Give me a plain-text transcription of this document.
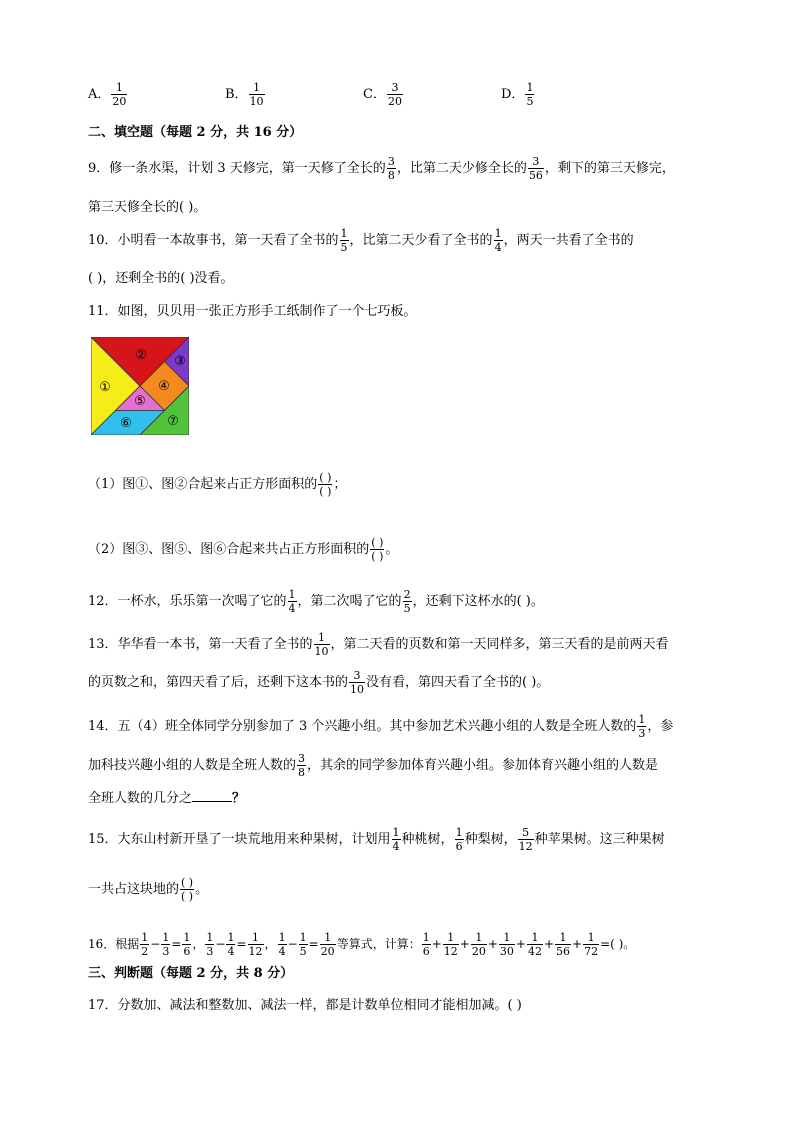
A． $\frac{1}{20}$	B． $\frac{1}{10}$	C． $\frac{3}{20}$	D． $\frac{1}{5}$
二、填空题（每题 2 分，共 16 分）
9．修一条水渠，计划 3 天修完，第一天修了全长的 $\frac{3}{8}$ ，比第二天少修全长的 $\frac{3}{56}$ ，剩下的第三天修完，
第三天修全长的( )。
10．小明看一本故事书，第一天看了全书的 $\frac{1}{5}$ ，比第二天少看了全书的 $\frac{1}{4}$ ，两天一共看了全书的
( )，还剩全书的( )没看。
11．如图，贝贝用一张正方形手工纸制作了一个七巧板。
①
② ③
④
⑤
⑥	⑦
（1）图①、图②合起来占正方形面积的 $\frac{( )}{( )}$ ；
（2）图③、图⑤、图⑥合起来共占正方形面积的 $\frac{( )}{( )}$ 。
12．一杯水，乐乐第一次喝了它的 $\frac{1}{4}$ ，第二次喝了它的 $\frac{2}{5}$ ，还剩下这杯水的( )。
13．华华看一本书，第一天看了全书的 $\frac{1}{10}$ ，第二天看的页数和第一天同样多，第三天看的是前两天看
的页数之和，第四天看了后，还剩下这本书的 $\frac{3}{10}$ 没有看，第四天看了全书的( )。
14．五（4）班全体同学分别参加了 3 个兴趣小组。其中参加艺术兴趣小组的人数是全班人数的 $\frac{1}{3}$ ，参
加科技兴趣小组的人数是全班人数的 $\frac{3}{8}$ ，其余的同学参加体育兴趣小组。参加体育兴趣小组的人数是
全班人数的几分之	？
15．大东山村新开垦了一块荒地用来种果树，计划用 $\frac{1}{4}$ 种桃树， $\frac{1}{6}$ 种梨树， $\frac{5}{12}$ 种苹果树。这三种果树
一共占这块地的 $\frac{( )}{( )}$ 。
16．根据 $\frac{1}{2} - \frac{1}{3} = \frac{1}{6}$ ， $\frac{1}{3} - \frac{1}{4} = \frac{1}{12}$ ， $\frac{1}{4} - \frac{1}{5} = \frac{1}{20}$ 等算式，计算： $\frac{1}{6} + \frac{1}{12} + \frac{1}{20} + \frac{1}{30} + \frac{1}{42} + \frac{1}{56} + \frac{1}{72}$ =( )。
三、判断题（每题 2 分，共 8 分）
17．分数加、减法和整数加、减法一样，都是计数单位相同才能相加减。( )
